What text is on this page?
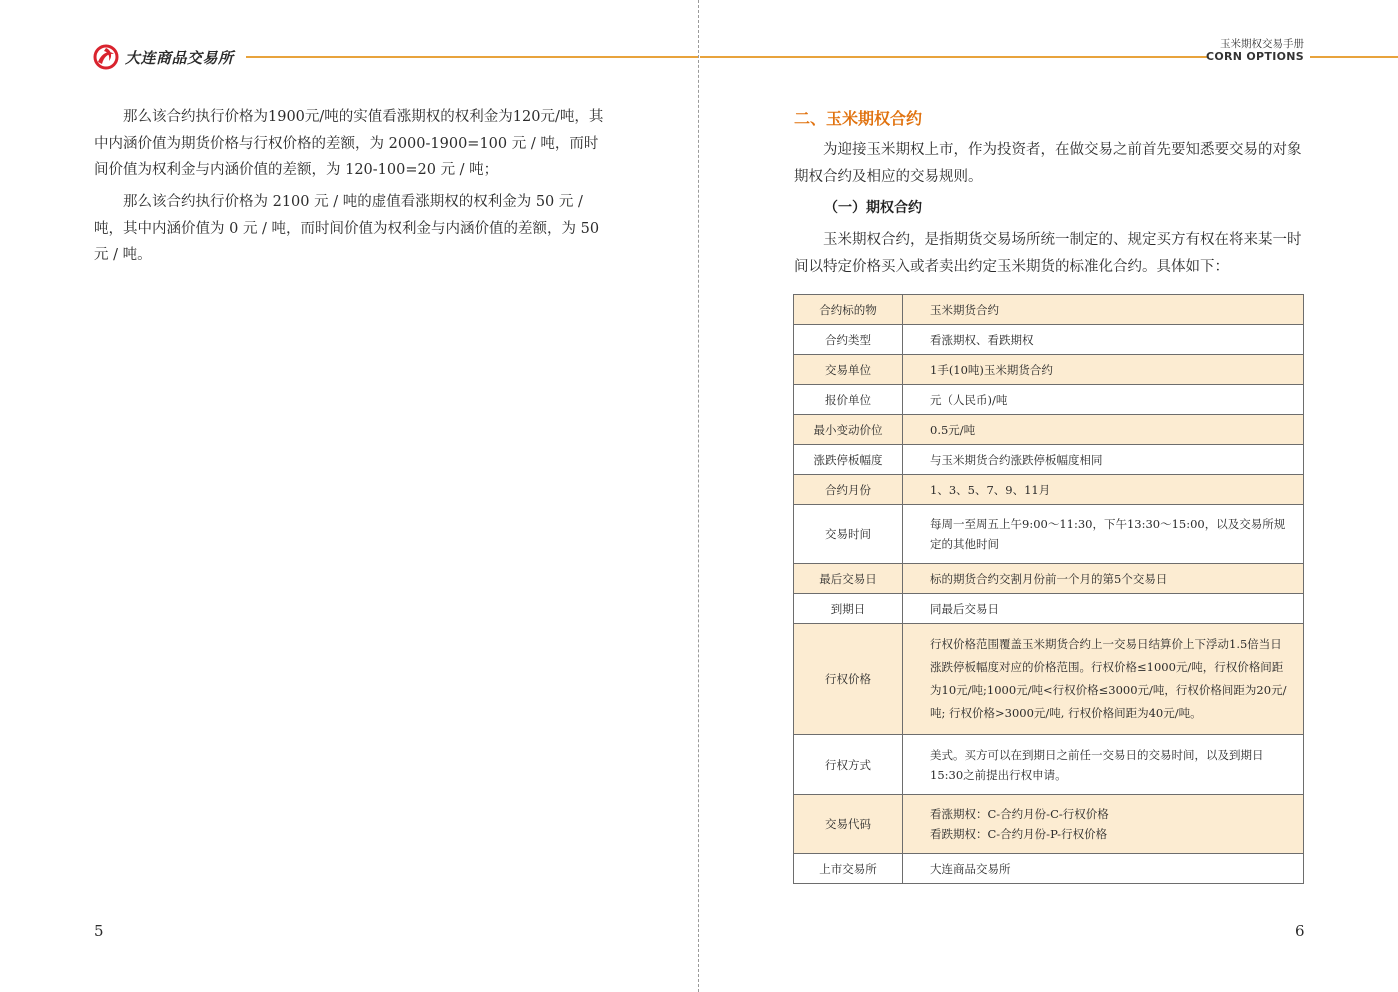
大连商品交易所

那么该合约执行价格为1900元/吨的实值看涨期权的权利金为120元/吨，其中内涵价值为期货价格与行权价格的差额，为 2000-1900=100 元 / 吨，而时间价值为权利金与内涵价值的差额，为 120-100=20 元 / 吨；

那么该合约执行价格为 2100 元 / 吨的虚值看涨期权的权利金为 50 元 / 吨，其中内涵价值为 0 元 / 吨，而时间价值为权利金与内涵价值的差额，为 50 元 / 吨。

5
玉米期权交易手册
CORN OPTIONS
二、玉米期权合约

为迎接玉米期权上市，作为投资者，在做交易之前首先要知悉要交易的对象期权合约及相应的交易规则。

（一）期权合约

玉米期权合约，是指期货交易场所统一制定的、规定买方有权在将来某一时间以特定价格买入或者卖出约定玉米期货的标准化合约。具体如下：

合约标的物	玉米期货合约
合约类型	看涨期权、看跌期权
交易单位	1手(10吨)玉米期货合约
报价单位	元（人民币)/吨
最小变动价位	0.5元/吨
涨跌停板幅度	与玉米期货合约涨跌停板幅度相同
合约月份	1、3、5、7、9、11月
交易时间	每周一至周五上午9:00～11:30，下午13:30～15:00，以及交易所规定的其他时间
最后交易日	标的期货合约交割月份前一个月的第5个交易日
到期日	同最后交易日
行权价格	行权价格范围覆盖玉米期货合约上一交易日结算价上下浮动1.5倍当日涨跌停板幅度对应的价格范围。行权价格≤1000元/吨，行权价格间距为10元/吨;1000元/吨<行权价格≤3000元/吨，行权价格间距为20元/吨; 行权价格>3000元/吨, 行权价格间距为40元/吨。
行权方式	美式。买方可以在到期日之前任一交易日的交易时间，以及到期日15:30之前提出行权申请。
交易代码	看涨期权：C-合约月份-C-行权价格
看跌期权：C-合约月份-P-行权价格

上市交易所	大连商品交易所
6
